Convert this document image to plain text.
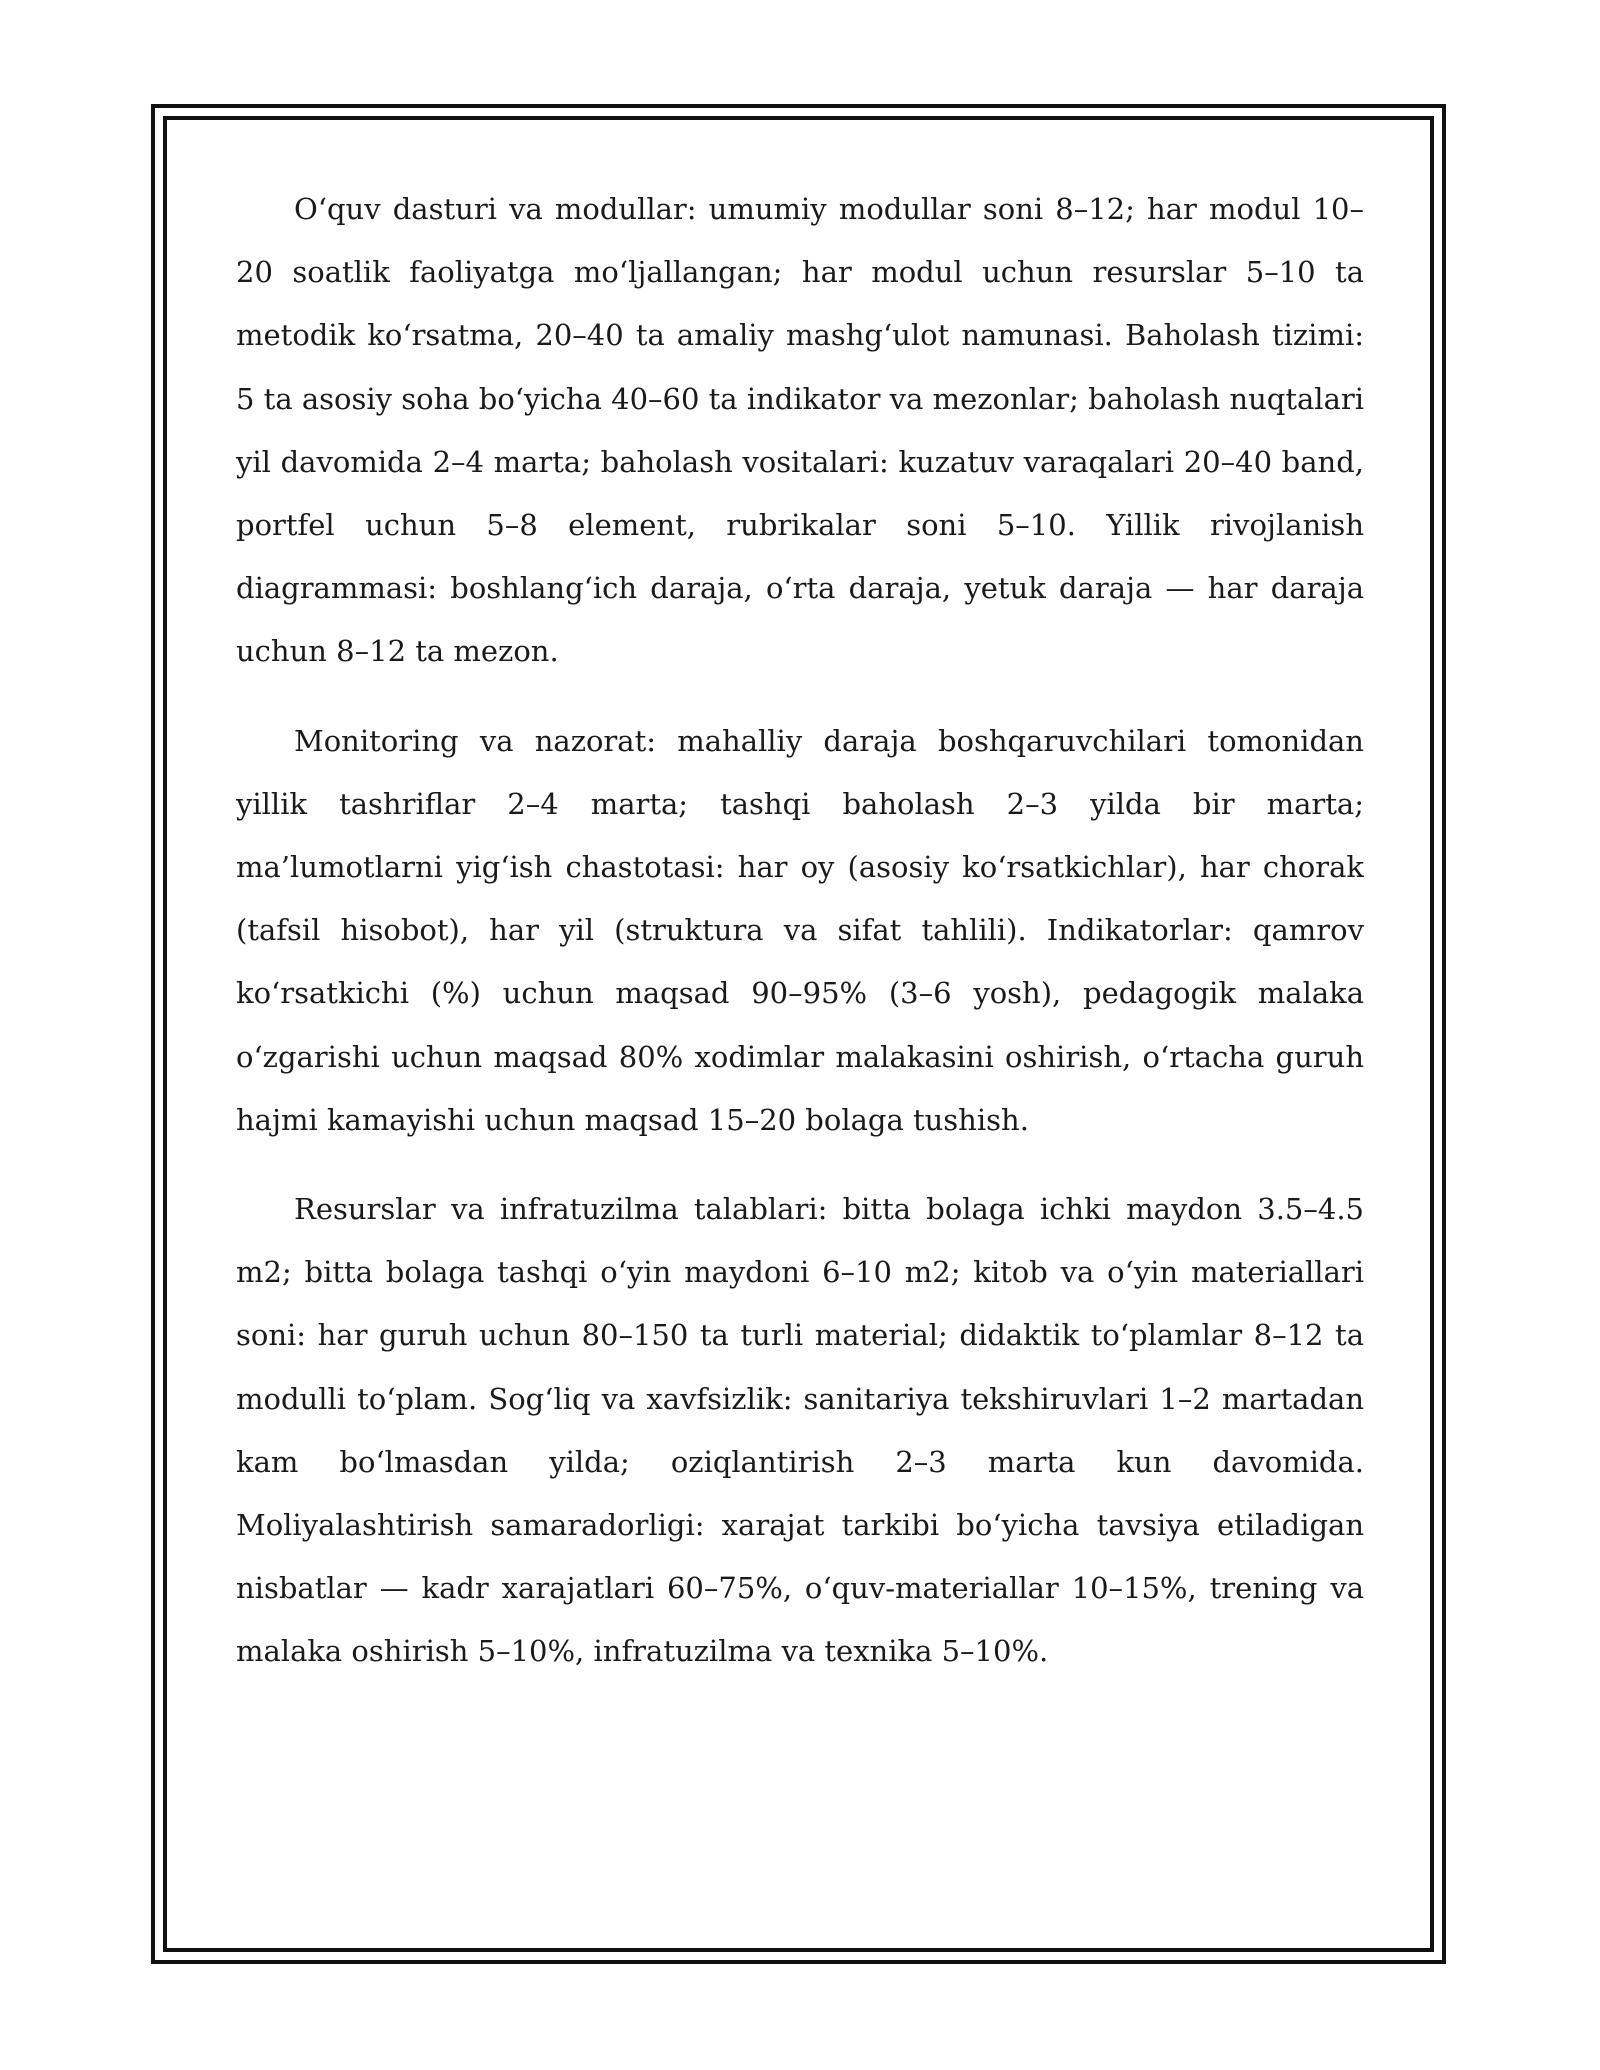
O‘quv dasturi va modullar: umumiy modullar soni 8–12; har modul 10–20 soatlik faoliyatga mo‘ljallangan; har modul uchun resurslar 5–10 ta metodik ko‘rsatma, 20–40 ta amaliy mashg‘ulot namunasi. Baholash tizimi: 5 ta asosiy soha bo‘yicha 40–60 ta indikator va mezonlar; baholash nuqtalari yil davomida 2–4 marta; baholash vositalari: kuzatuv varaqalari 20–40 band, portfel uchun 5–8 element, rubrikalar soni 5–10. Yillik rivojlanish diagrammasi: boshlang‘ich daraja, o‘rta daraja, yetuk daraja — har daraja uchun 8–12 ta mezon.

Monitoring va nazorat: mahalliy daraja boshqaruvchilari tomonidan yillik tashriflar 2–4 marta; tashqi baholash 2–3 yilda bir marta; ma’lumotlarni yig‘ish chastotasi: har oy (asosiy ko‘rsatkichlar), har chorak (tafsil hisobot), har yil (struktura va sifat tahlili). Indikatorlar: qamrov ko‘rsatkichi (%) uchun maqsad 90–95% (3–6 yosh), pedagogik malaka o‘zgarishi uchun maqsad 80% xodimlar malakasini oshirish, o‘rtacha guruh hajmi kamayishi uchun maqsad 15–20 bolaga tushish.

Resurslar va infratuzilma talablari: bitta bolaga ichki maydon 3.5–4.5 m2; bitta bolaga tashqi o‘yin maydoni 6–10 m2; kitob va o‘yin materiallari soni: har guruh uchun 80–150 ta turli material; didaktik to‘plamlar 8–12 ta modulli to‘plam. Sog‘liq va xavfsizlik: sanitariya tekshiruvlari 1–2 martadan kam bo‘lmasdan yilda; oziqlantirish 2–3 marta kun davomida. Moliyalashtirish samaradorligi: xarajat tarkibi bo‘yicha tavsiya etiladigan nisbatlar — kadr xarajatlari 60–75%, o‘quv-materiallar 10–15%, trening va malaka oshirish 5–10%, infratuzilma va texnika 5–10%.
